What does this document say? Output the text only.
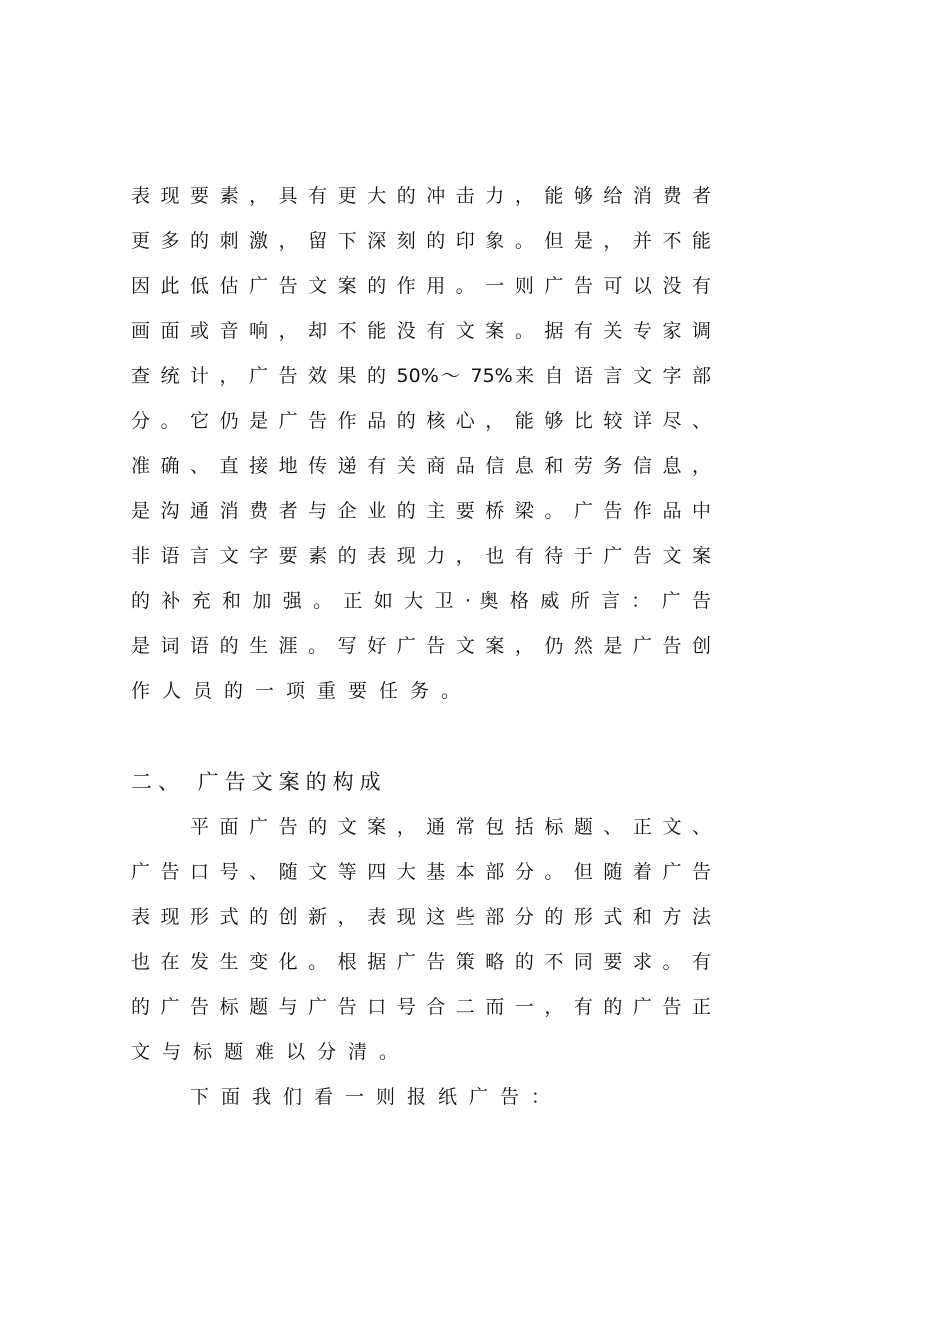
表 现 要 素 ， 具 有 更 大 的 冲 击 力 ， 能 够 给 消 费 者
更 多 的 刺 激 ， 留 下 深 刻 的 印 象 。 但 是 ， 并 不 能
因 此 低 估 广 告 文 案 的 作 用 。 一 则 广 告 可 以 没 有
画 面 或 音 响 ， 却 不 能 没 有 文 案 。 据 有 关 专 家 调
查 统 计 ， 广 告 效 果 的 50%～ 75%来 自 语 言 文 字 部
分 。 它 仍 是 广 告 作 品 的 核 心 ， 能 够 比 较 详 尽 、
准 确 、 直 接 地 传 递 有 关 商 品 信 息 和 劳 务 信 息 ，
是 沟 通 消 费 者 与 企 业 的 主 要 桥 梁 。 广 告 作 品 中
非 语 言 文 字 要 素 的 表 现 力 ， 也 有 待 于 广 告 文 案
的 补 充 和 加 强 。 正 如 大 卫 · 奥 格 威 所 言 ： 广 告
是 词 语 的 生 涯 。 写 好 广 告 文 案 ， 仍 然 是 广 告 创
作人员的一项重要任务。
二、 广告文案的构成
平 面 广 告 的 文 案 ， 通 常 包 括 标 题 、 正 文 、
广 告 口 号 、 随 文 等 四 大 基 本 部 分 。 但 随 着 广 告
表 现 形 式 的 创 新 ， 表 现 这 些 部 分 的 形 式 和 方 法
也 在 发 生 变 化 。 根 据 广 告 策 略 的 不 同 要 求 。 有
的 广 告 标 题 与 广 告 口 号 合 二 而 一 ， 有 的 广 告 正
文与标题难以分清。
下面我们看一则报纸广告：
